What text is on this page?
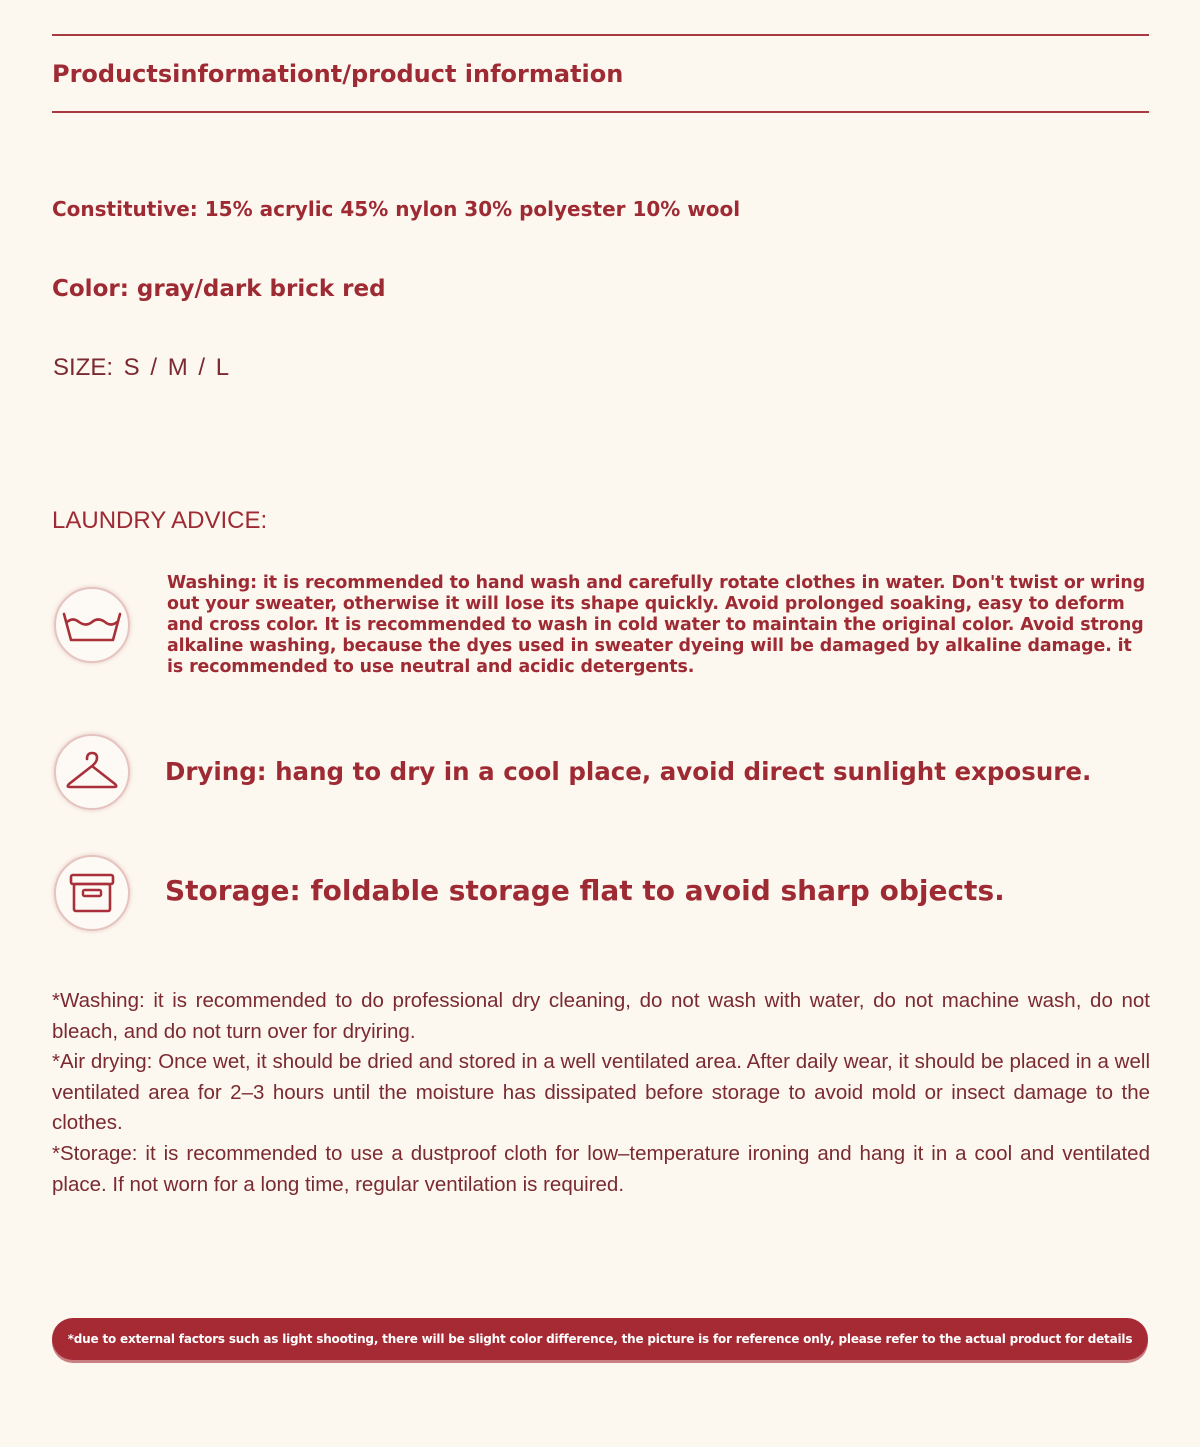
Productsinformationt/product information
Constitutive: 15% acrylic 45% nylon 30% polyester 10% wool
Color: gray/dark brick red
SIZE: S / M / L
LAUNDRY ADVICE:
Washing: it is recommended to hand wash and carefully rotate clothes in water. Don't twist or wring out your sweater, otherwise it will lose its shape quickly. Avoid prolonged soaking, easy to deform and cross color. It is recommended to wash in cold water to maintain the original color. Avoid strong alkaline washing, because the dyes used in sweater dyeing will be damaged by alkaline damage. it is recommended to use neutral and acidic detergents.
Drying: hang to dry in a cool place, avoid direct sunlight exposure.
Storage: foldable storage flat to avoid sharp objects.

*Washing: it is recommended to do professional dry cleaning, do not wash with water, do not machine wash, do not bleach, and do not turn over for dryiring.

*Air drying: Once wet, it should be dried and stored in a well ventilated area. After daily wear, it should be placed in a well ventilated area for 2–3 hours until the moisture has dissipated before storage to avoid mold or insect damage to the clothes.

*Storage: it is recommended to use a dustproof cloth for low–temperature ironing and hang it in a cool and ventilated place. If not worn for a long time, regular ventilation is required.

*due to external factors such as light shooting, there will be slight color difference, the picture is for reference only, please refer to the actual product for details
